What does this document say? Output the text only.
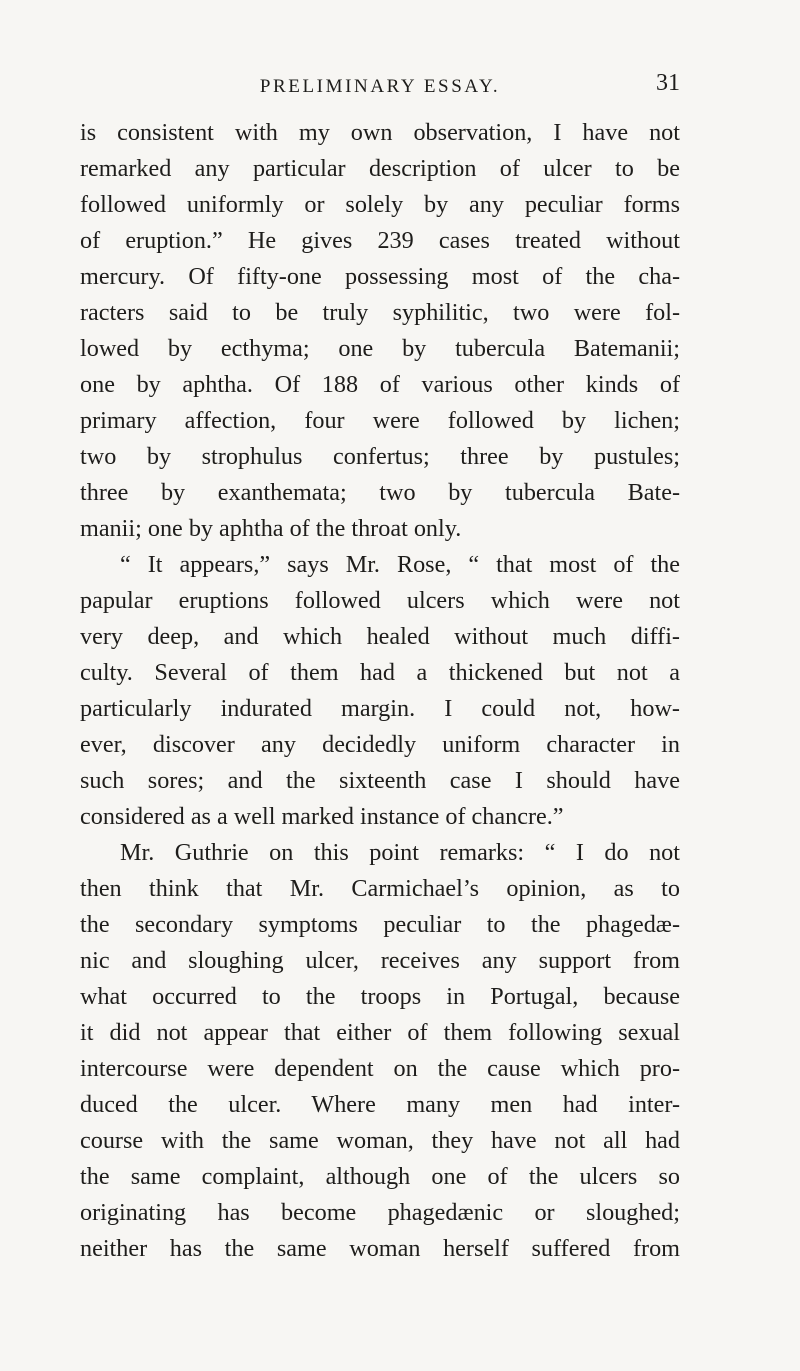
PRELIMINARY ESSAY.	31
is consistent with my own observation, I have not
remarked any particular description of ulcer to be
followed uniformly or solely by any peculiar forms
of eruption.” He gives 239 cases treated without
mercury. Of fifty-one possessing most of the cha-
racters said to be truly syphilitic, two were fol-
lowed by ecthyma; one by tubercula Batemanii;
one by aphtha. Of 188 of various other kinds of
primary affection, four were followed by lichen;
two by strophulus confertus; three by pustules;
three by exanthemata; two by tubercula Bate-
manii; one by aphtha of the throat only.
“ It appears,” says Mr. Rose, “ that most of the
papular eruptions followed ulcers which were not
very deep, and which healed without much diffi-
culty. Several of them had a thickened but not a
particularly indurated margin. I could not, how-
ever, discover any decidedly uniform character in
such sores; and the sixteenth case I should have
considered as a well marked instance of chancre.”
Mr. Guthrie on this point remarks: “ I do not
then think that Mr. Carmichael’s opinion, as to
the secondary symptoms peculiar to the phagedæ-
nic and sloughing ulcer, receives any support from
what occurred to the troops in Portugal, because
it did not appear that either of them following sexual
intercourse were dependent on the cause which pro-
duced the ulcer. Where many men had inter-
course with the same woman, they have not all had
the same complaint, although one of the ulcers so
originating has become phagedænic or sloughed;
neither has the same woman herself suffered from
